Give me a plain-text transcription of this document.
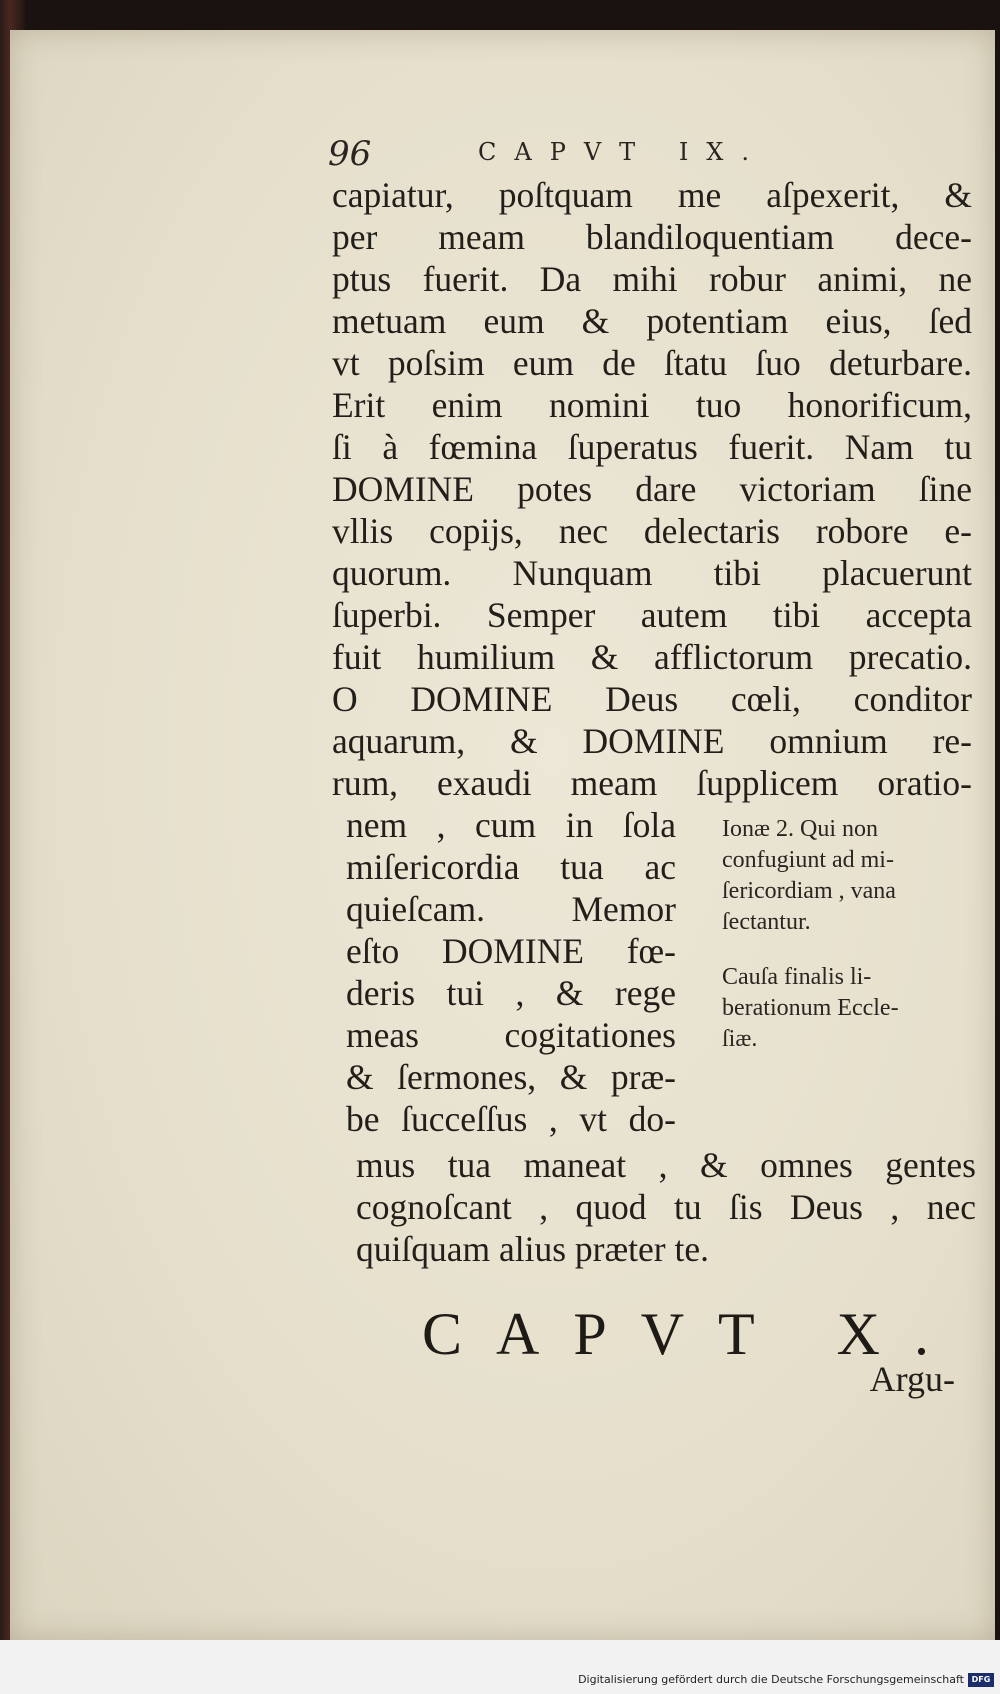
96	CAPVT IX.
capiatur, poſtquam me aſpexerit, &
per meam blandiloquentiam dece-
ptus fuerit. Da mihi robur animi, ne
metuam eum & potentiam eius, ſed
vt poſsim eum de ſtatu ſuo deturbare.
Erit enim nomini tuo honorificum,
ſi à fœmina ſuperatus fuerit. Nam tu
DOMINE potes dare victoriam ſine
vllis copijs, nec delectaris robore e-
quorum. Nunquam tibi placuerunt
ſuperbi. Semper autem tibi accepta
fuit humilium & afflictorum precatio.
O DOMINE Deus cœli, conditor
aquarum, & DOMINE omnium re-
rum, exaudi meam ſupplicem oratio-
nem , cum in ſola
miſericordia tua ac
quieſcam. Memor
eſto DOMINE fœ-
deris tui , & rege
meas cogitationes
& ſermones, & præ-
be ſucceſſus , vt do-
Ionæ 2. Qui non
confugiunt ad mi-
ſericordiam , vana
ſectantur.
Cauſa finalis li-
berationum Eccle-
ſiæ.
mus tua maneat , & omnes gentes
cognoſcant , quod tu ſis Deus , nec
quiſquam alius præter te.
CAPVT X.
Argu-
Digitalisierung gefördert durch die Deutsche Forschungsgemeinschaft DFG
